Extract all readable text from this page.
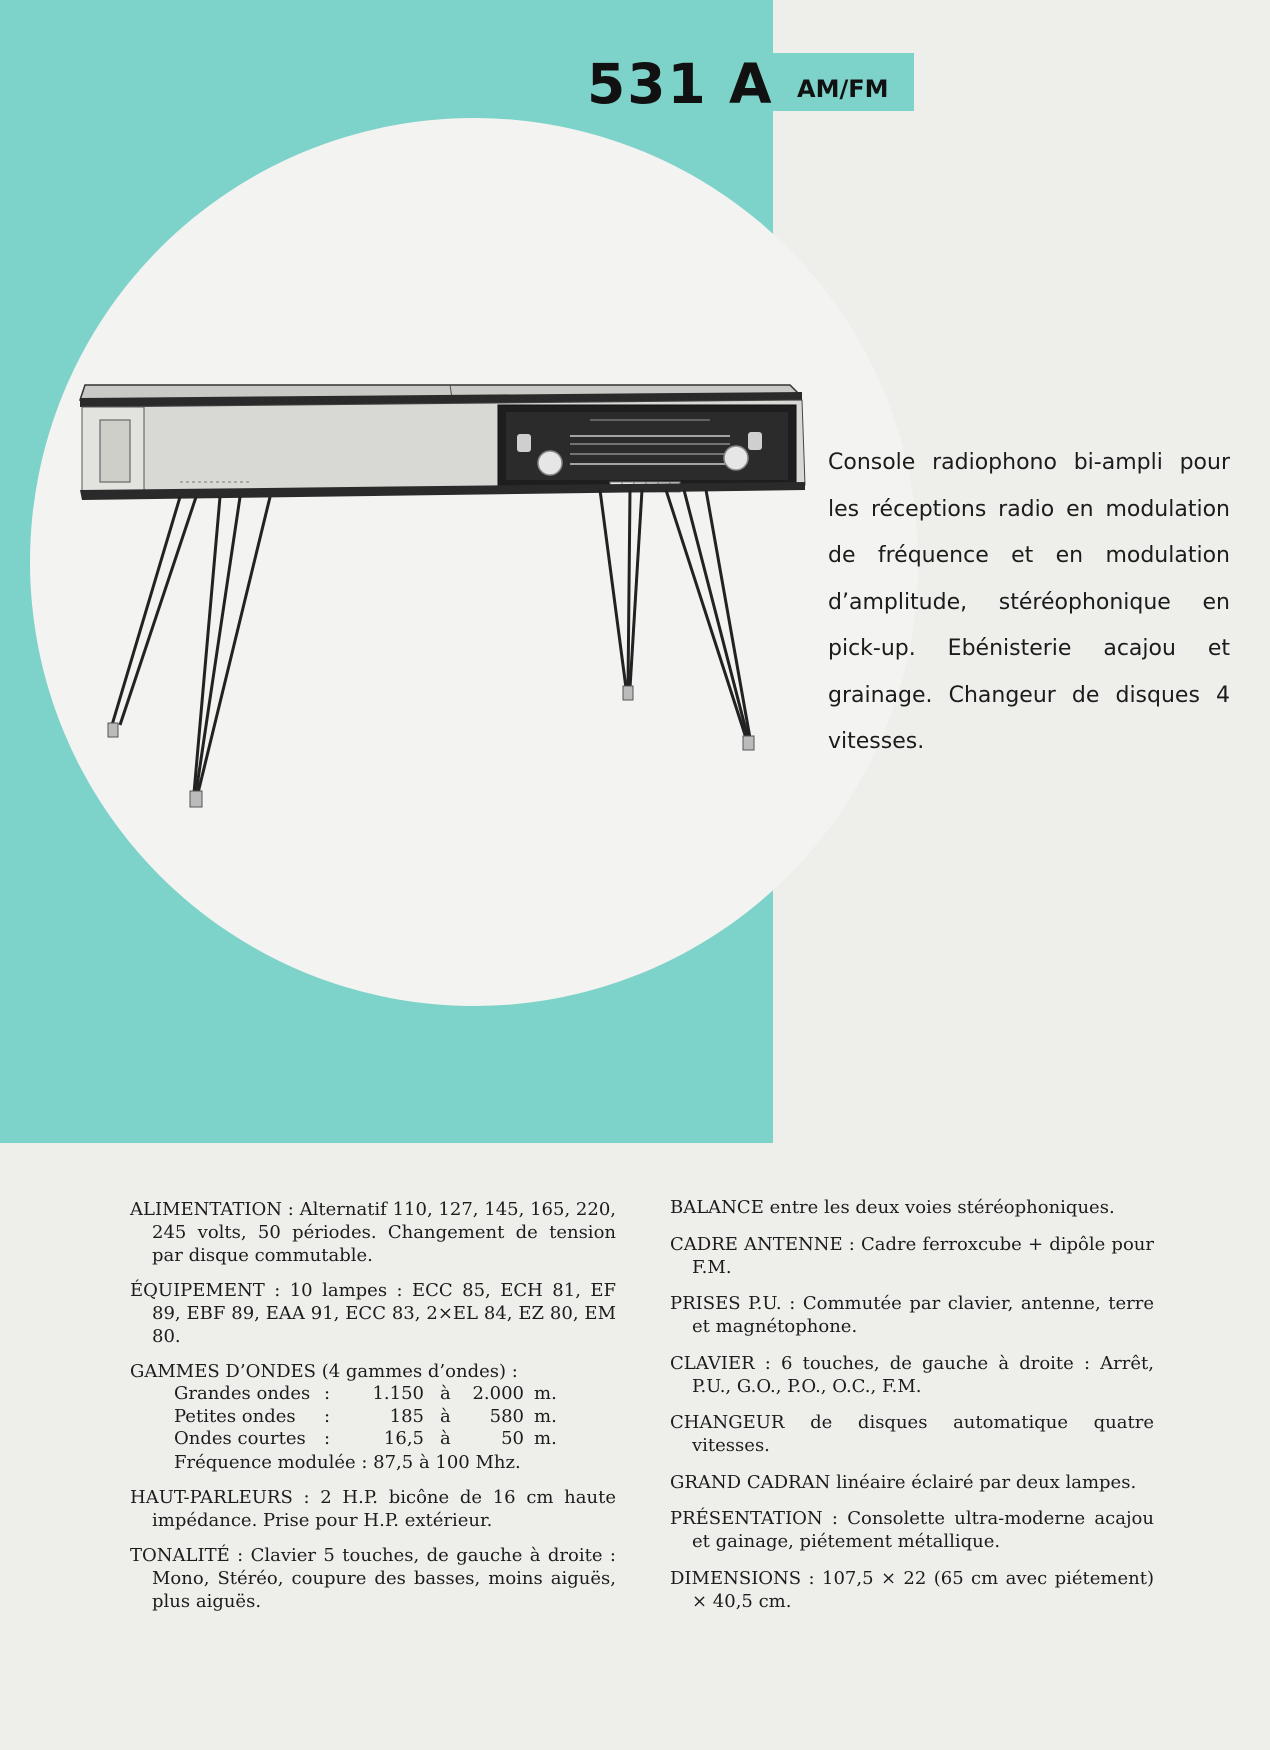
531 A AM/FM
Console radiophono bi-ampli pour les réceptions radio en modulation de fréquence et en modulation d’amplitude, stéréophonique en pick-up. Ebénisterie acajou et grainage. Changeur de disques 4 vitesses.

ALIMENTATION : Alternatif 110, 127, 145, 165, 220, 245 volts, 50 périodes. Changement de tension par disque commutable.

ÉQUIPEMENT : 10 lampes : ECC 85, ECH 81, EF 89, EBF 89, EAA 91, ECC 83, 2×EL 84, EZ 80, EM 80.

GAMMES D’ONDES (4 gammes d’ondes) :
Grandes ondes	:	1.150	à	2.000	m.
Petites ondes	:	185	à	580	m.
Ondes courtes	:	16,5	à	50	m.
Fréquence modulée : 87,5 à 100 Mhz.

HAUT-PARLEURS : 2 H.P. bicône de 16 cm haute impédance. Prise pour H.P. extérieur.

TONALITÉ : Clavier 5 touches, de gauche à droite : Mono, Stéréo, coupure des basses, moins aiguës, plus aiguës.

BALANCE entre les deux voies stéréophoniques.

CADRE ANTENNE : Cadre ferroxcube + dipôle pour F.M.

PRISES P.U. : Commutée par clavier, antenne, terre et magnétophone.

CLAVIER : 6 touches, de gauche à droite : Arrêt, P.U., G.O., P.O., O.C., F.M.

CHANGEUR de disques automatique quatre vitesses.

GRAND CADRAN linéaire éclairé par deux lampes.

PRÉSENTATION : Consolette ultra-moderne acajou et gainage, piétement métallique.

DIMENSIONS : 107,5 × 22 (65 cm avec piétement) × 40,5 cm.
